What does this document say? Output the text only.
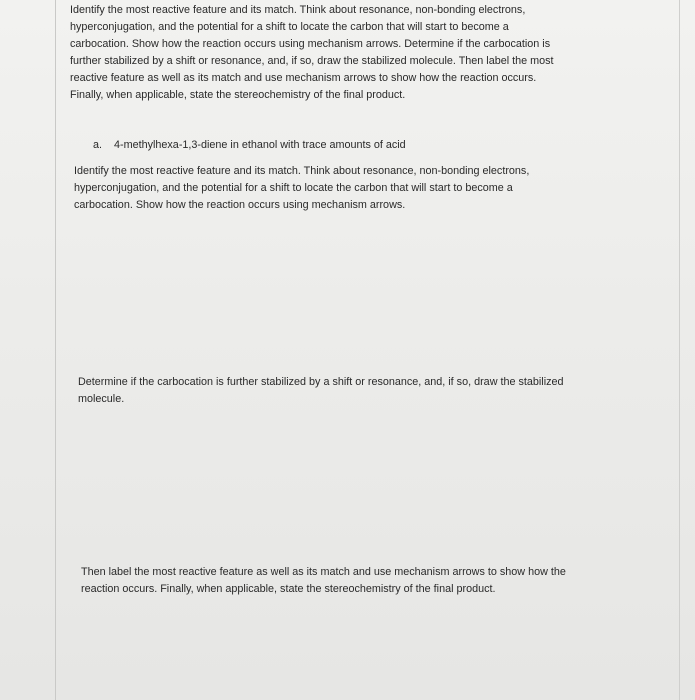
Identify the most reactive feature and its match. Think about resonance, non-bonding electrons,
hyperconjugation, and the potential for a shift to locate the carbon that will start to become a
carbocation. Show how the reaction occurs using mechanism arrows. Determine if the carbocation is
further stabilized by a shift or resonance, and, if so, draw the stabilized molecule. Then label the most
reactive feature as well as its match and use mechanism arrows to show how the reaction occurs.
Finally, when applicable, state the stereochemistry of the final product.
a. 4-methylhexa-1,3-diene in ethanol with trace amounts of acid
Identify the most reactive feature and its match. Think about resonance, non-bonding electrons,
hyperconjugation, and the potential for a shift to locate the carbon that will start to become a
carbocation. Show how the reaction occurs using mechanism arrows.
Determine if the carbocation is further stabilized by a shift or resonance, and, if so, draw the stabilized
molecule.
Then label the most reactive feature as well as its match and use mechanism arrows to show how the
reaction occurs. Finally, when applicable, state the stereochemistry of the final product.
